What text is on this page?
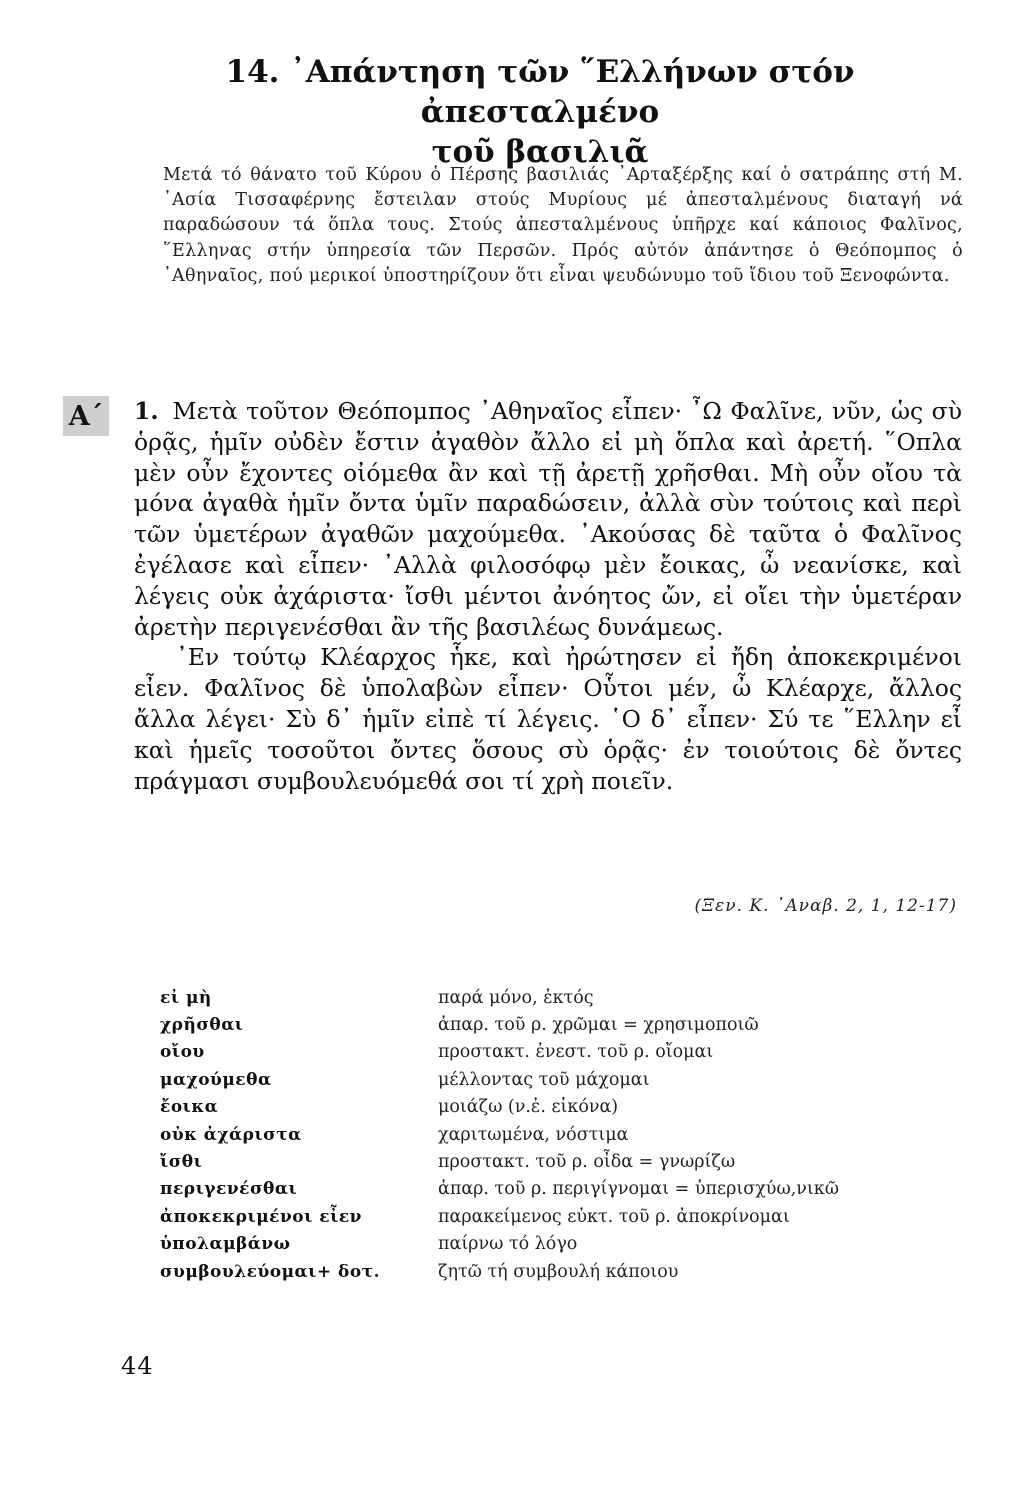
14. ᾿Απάντηση τῶν ῞Ελλήνων στόν ἀπεσταλμένο
τοῦ βασιλιᾶ

Μετά τό θάνατο τοῦ Κύρου ὁ Πέρσης βασιλιάς ᾿Αρταξέρξης καί ὁ σατράπης στή Μ. ᾿Ασία Τισσαφέρνης ἔστειλαν στούς Μυρίους μέ ἀπεσταλμένους διαταγή νά παραδώσουν τά ὅπλα τους. Στούς ἀπεσταλμένους ὑπῆρχε καί κάποιος Φαλῖνος, ῞Ελληνας στήν ὑπηρεσία τῶν Περσῶν. Πρός αὐτόν ἀπάντησε ὁ Θεόπομπος ὁ ᾿Αθηναῖος, πού μερικοί ὑποστηρίζουν ὅτι εἶναι ψευδώνυμο τοῦ ἴδιου τοῦ Ξενοφώντα.

Α΄ 1. Μετὰ τοῦτον Θεόπομπος ᾿Αθηναῖος εἶπεν· ῏Ω Φαλῖνε, νῦν, ὡς σὺ ὁρᾷς, ἡμῖν οὐδὲν ἔστιν ἀγαθὸν ἄλλο εἰ μὴ ὅπλα καὶ ἀρετή. ῞Οπλα μὲν οὖν ἔχοντες οἰόμεθα ἂν καὶ τῇ ἀρετῇ χρῆσθαι. Μὴ οὖν οἴου τὰ μόνα ἀγαθὰ ἡμῖν ὄντα ὑμῖν παραδώσειν, ἀλλὰ σὺν τούτοις καὶ περὶ τῶν ὑμετέρων ἀγαθῶν μαχούμεθα. ᾿Ακούσας δὲ ταῦτα ὁ Φαλῖνος ἐγέλασε καὶ εἶπεν· ᾿Αλλὰ φιλοσόφῳ μὲν ἔοικας, ὦ νεανίσκε, καὶ λέγεις οὐκ ἀχάριστα· ἴσθι μέντοι ἀνόητος ὤν, εἰ οἴει τὴν ὑμετέραν ἀρετὴν περιγενέσθαι ἂν τῆς βασιλέως δυνάμεως.

᾿Εν τούτῳ Κλέαρχος ἧκε, καὶ ἠρώτησεν εἰ ἤδη ἀποκεκριμένοι εἶεν. Φαλῖνος δὲ ὑπολαβὼν εἶπεν· Οὗτοι μέν, ὦ Κλέαρχε, ἄλλος ἄλλα λέγει· Σὺ δ᾿ ἡμῖν εἰπὲ τί λέγεις. ῾Ο δ᾿ εἶπεν· Σύ τε ῞Ελλην εἶ καὶ ἡμεῖς τοσοῦτοι ὄντες ὅσους σὺ ὁρᾷς· ἐν τοιούτοις δὲ ὄντες πράγμασι συμβουλευόμεθά σοι τί χρὴ ποιεῖν.

(Ξεν. Κ. ᾿Αναβ. 2, 1, 12-17)
εἰ μὴ	παρά μόνο, ἐκτός
χρῆσθαι	ἀπαρ. τοῦ ρ. χρῶμαι = χρησιμοποιῶ
οἴου	προστακτ. ἐνεστ. τοῦ ρ. οἴομαι
μαχούμεθα	μέλλοντας τοῦ μάχομαι
ἔοικα	μοιάζω (ν.ἐ. εἰκόνα)
οὐκ ἀχάριστα	χαριτωμένα, νόστιμα
ἴσθι	προστακτ. τοῦ ρ. οἶδα = γνωρίζω
περιγενέσθαι	ἀπαρ. τοῦ ρ. περιγίγνομαι = ὑπερισχύω,νικῶ
ἀποκεκριμένοι εἶεν	παρακείμενος εὐκτ. τοῦ ρ. ἀποκρίνομαι
ὑπολαμβάνω	παίρνω τό λόγο
συμβουλεύομαι+ δοτ.	ζητῶ τή συμβουλή κάποιου
44
